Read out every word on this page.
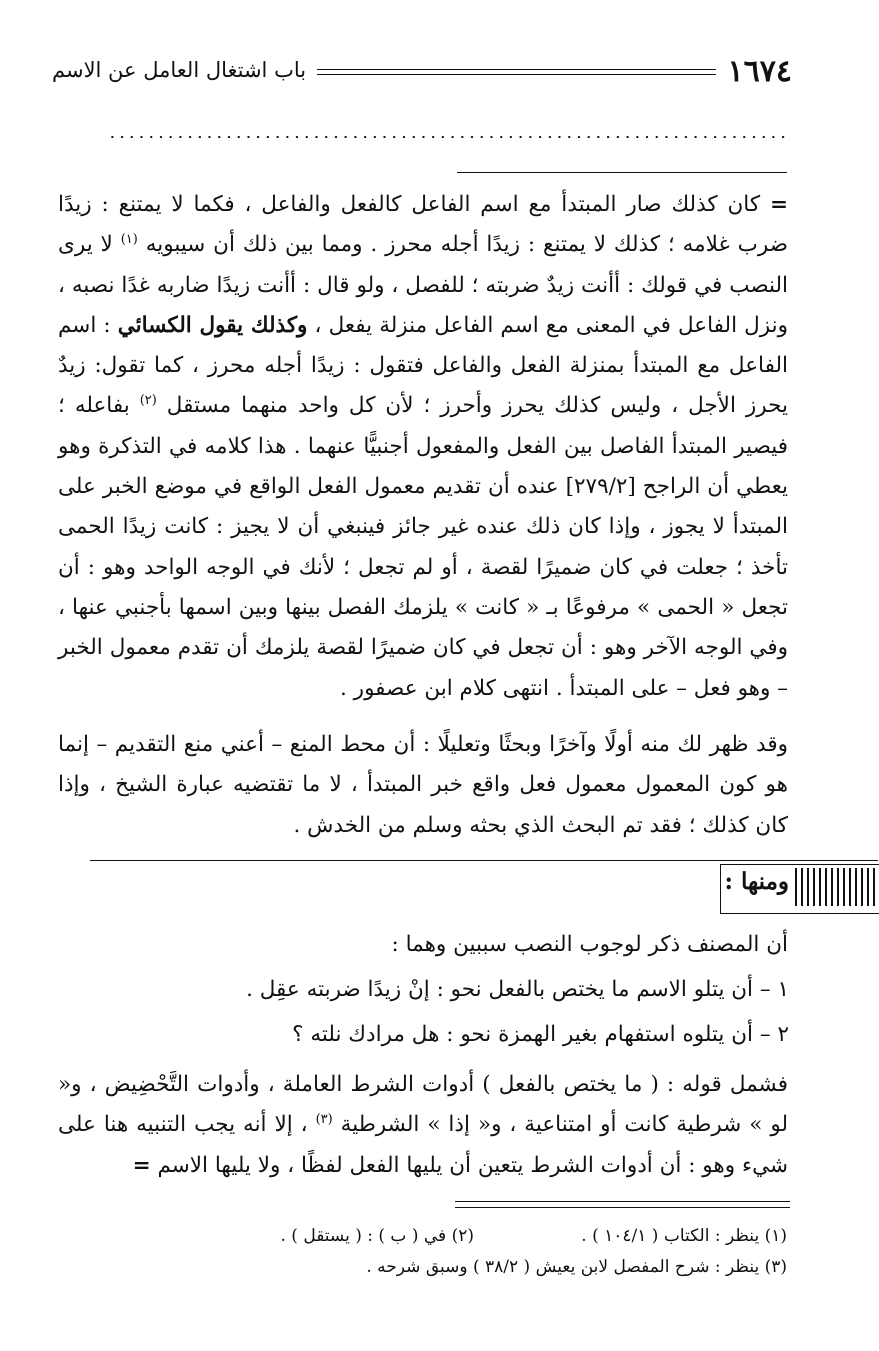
١٦٧٤
باب اشتغال العامل عن الاسم
......................................................................
= كان كذلك صار المبتدأ مع اسم الفاعل كالفعل والفاعل ، فكما لا يمتنع : زيدًا ضرب غلامه ؛ كذلك لا يمتنع : زيدًا أجله محرز . ومما بين ذلك أن سيبويه $^{(١)}$ لا يرى النصب في قولك : أأنت زيدٌ ضربته ؛ للفصل ، ولو قال : أأنت زيدًا ضاربه غدًا نصبه ، ونزل الفاعل في المعنى مع اسم الفاعل منزلة يفعل ، وكذلك يقول الكسائي : اسم الفاعل مع المبتدأ بمنزلة الفعل والفاعل فتقول : زيدًا أجله محرز ، كما تقول: زيدٌ يحرز الأجل ، وليس كذلك يحرز وأحرز ؛ لأن كل واحد منهما مستقل $^{(٢)}$ بفاعله ؛ فيصير المبتدأ الفاصل بين الفعل والمفعول أجنبيًّا عنهما . هذا كلامه في التذكرة وهو يعطي أن الراجح [٢٧٩/٢] عنده أن تقديم معمول الفعل الواقع في موضع الخبر على المبتدأ لا يجوز ، وإذا كان ذلك عنده غير جائز فينبغي أن لا يجيز : كانت زيدًا الحمى تأخذ ؛ جعلت في كان ضميرًا لقصة ، أو لم تجعل ؛ لأنك في الوجه الواحد وهو : أن تجعل « الحمى » مرفوعًا بـ « كانت » يلزمك الفصل بينها وبين اسمها بأجنبي عنها ، وفي الوجه الآخر وهو : أن تجعل في كان ضميرًا لقصة يلزمك أن تقدم معمول الخبر – وهو فعل – على المبتدأ . انتهى كلام ابن عصفور .
وقد ظهر لك منه أولًا وآخرًا وبحثًا وتعليلًا : أن محط المنع – أعني منع التقديم – إنما هو كون المعمول معمول فعل واقع خبر المبتدأ ، لا ما تقتضيه عبارة الشيخ ، وإذا كان كذلك ؛ فقد تم البحث الذي بحثه وسلم من الخدش .
ومنها :
أن المصنف ذكر لوجوب النصب سببين وهما :
١ – أن يتلو الاسم ما يختص بالفعل نحو : إنْ زيدًا ضربته عقِل .
٢ – أن يتلوه استفهام بغير الهمزة نحو : هل مرادك نلته ؟
فشمل قوله : ( ما يختص بالفعل ) أدوات الشرط العاملة ، وأدوات التَّحْضِيض ، و« لو » شرطية كانت أو امتناعية ، و« إذا » الشرطية $^{(٣)}$ ، إلا أنه يجب التنبيه هنا على شيء وهو : أن أدوات الشرط يتعين أن يليها الفعل لفظًا ، ولا يليها الاسم =
(١) ينظر : الكتاب ( ١٠٤/١ ) .
(٢) في ( ب ) : ( يستقل ) .
(٣) ينظر : شرح المفصل لابن يعيش ( ٣٨/٢ ) وسبق شرحه .
